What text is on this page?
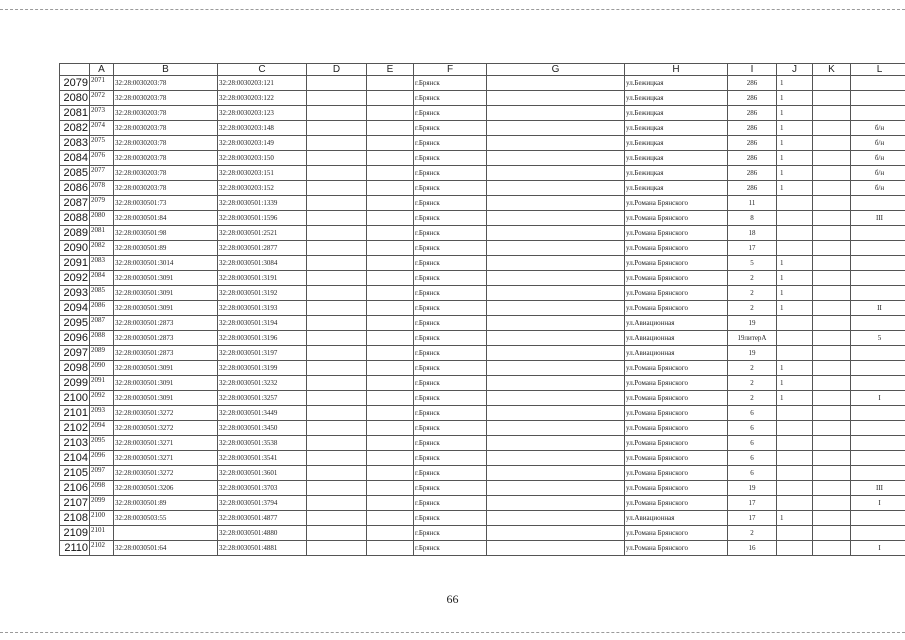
	A	B	C	D	E	F	G	H	I	J	K	L
2079	2071	32:28:0030203:78	32:28:0030203:121			г.Брянск		ул.Бежицкая	286	1		
2080	2072	32:28:0030203:78	32:28:0030203:122			г.Брянск		ул.Бежицкая	286	1		
2081	2073	32:28:0030203:78	32:28:0030203:123			г.Брянск		ул.Бежицкая	286	1		
2082	2074	32:28:0030203:78	32:28:0030203:148			г.Брянск		ул.Бежицкая	286	1		б/н
2083	2075	32:28:0030203:78	32:28:0030203:149			г.Брянск		ул.Бежицкая	286	1		б/н
2084	2076	32:28:0030203:78	32:28:0030203:150			г.Брянск		ул.Бежицкая	286	1		б/н
2085	2077	32:28:0030203:78	32:28:0030203:151			г.Брянск		ул.Бежицкая	286	1		б/н
2086	2078	32:28:0030203:78	32:28:0030203:152			г.Брянск		ул.Бежицкая	286	1		б/н
2087	2079	32:28:0030501:73	32:28:0030501:1339			г.Брянск		ул.Романа Брянского	11			
2088	2080	32:28:0030501:84	32:28:0030501:1596			г.Брянск		ул.Романа Брянского	8			III
2089	2081	32:28:0030501:98	32:28:0030501:2521			г.Брянск		ул.Романа Брянского	18			
2090	2082	32:28:0030501:89	32:28:0030501:2877			г.Брянск		ул.Романа Брянского	17			
2091	2083	32:28:0030501:3014	32:28:0030501:3084			г.Брянск		ул.Романа Брянского	5	1		
2092	2084	32:28:0030501:3091	32:28:0030501:3191			г.Брянск		ул.Романа Брянского	2	1		
2093	2085	32:28:0030501:3091	32:28:0030501:3192			г.Брянск		ул.Романа Брянского	2	1		
2094	2086	32:28:0030501:3091	32:28:0030501:3193			г.Брянск		ул.Романа Брянского	2	1		II
2095	2087	32:28:0030501:2873	32:28:0030501:3194			г.Брянск		ул.Авиационная	19			
2096	2088	32:28:0030501:2873	32:28:0030501:3196			г.Брянск		ул.Авиационная	19литерА			5
2097	2089	32:28:0030501:2873	32:28:0030501:3197			г.Брянск		ул.Авиационная	19			
2098	2090	32:28:0030501:3091	32:28:0030501:3199			г.Брянск		ул.Романа Брянского	2	1		
2099	2091	32:28:0030501:3091	32:28:0030501:3232			г.Брянск		ул.Романа Брянского	2	1		
2100	2092	32:28:0030501:3091	32:28:0030501:3257			г.Брянск		ул.Романа Брянского	2	1		I
2101	2093	32:28:0030501:3272	32:28:0030501:3449			г.Брянск		ул.Романа Брянского	6			
2102	2094	32:28:0030501:3272	32:28:0030501:3450			г.Брянск		ул.Романа Брянского	6			
2103	2095	32:28:0030501:3271	32:28:0030501:3538			г.Брянск		ул.Романа Брянского	6			
2104	2096	32:28:0030501:3271	32:28:0030501:3541			г.Брянск		ул.Романа Брянского	6			
2105	2097	32:28:0030501:3272	32:28:0030501:3601			г.Брянск		ул.Романа Брянского	6			
2106	2098	32:28:0030501:3206	32:28:0030501:3703			г.Брянск		ул.Романа Брянского	19			III
2107	2099	32:28:0030501:89	32:28:0030501:3794			г.Брянск		ул.Романа Брянского	17			I
2108	2100	32:28:0030503:55	32:28:0030501:4877			г.Брянск		ул.Авиационная	17	1		
2109	2101		32:28:0030501:4880			г.Брянск		ул.Романа Брянского	2			
2110	2102	32:28:0030501:64	32:28:0030501:4881			г.Брянск		ул.Романа Брянского	16			I
66
